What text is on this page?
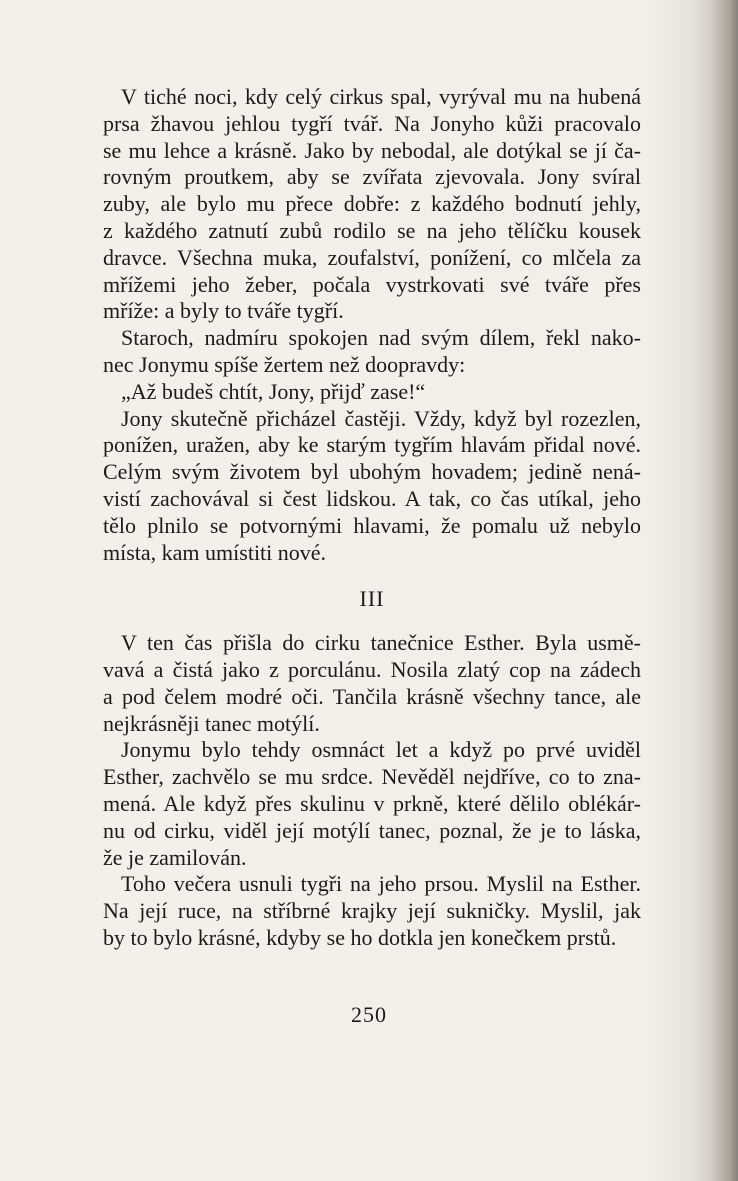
V tiché noci, kdy celý cirkus spal, vyrýval mu na hubená
prsa žhavou jehlou tygří tvář. Na Jonyho kůži pracovalo
se mu lehce a krásně. Jako by nebodal, ale dotýkal se jí ča-
rovným proutkem, aby se zvířata zjevovala. Jony svíral
zuby, ale bylo mu přece dobře: z každého bodnutí jehly,
z každého zatnutí zubů rodilo se na jeho tělíčku kousek
dravce. Všechna muka, zoufalství, ponížení, co mlčela za
mřížemi jeho žeber, počala vystrkovati své tváře přes
mříže: a byly to tváře tygří.
Staroch, nadmíru spokojen nad svým dílem, řekl nako-
nec Jonymu spíše žertem než doopravdy:
„Až budeš chtít, Jony, přijď zase!“
Jony skutečně přicházel častěji. Vždy, když byl rozezlen,
ponížen, uražen, aby ke starým tygřím hlavám přidal nové.
Celým svým životem byl ubohým hovadem; jedině nená-
vistí zachovával si čest lidskou. A tak, co čas utíkal, jeho
tělo plnilo se potvornými hlavami, že pomalu už nebylo
místa, kam umístiti nové.
III
V ten čas přišla do cirku tanečnice Esther. Byla usmě-
vavá a čistá jako z porculánu. Nosila zlatý cop na zádech
a pod čelem modré oči. Tančila krásně všechny tance, ale
nejkrásněji tanec motýlí.
Jonymu bylo tehdy osmnáct let a když po prvé uviděl
Esther, zachvělo se mu srdce. Nevěděl nejdříve, co to zna-
mená. Ale když přes skulinu v prkně, které dělilo oblékár-
nu od cirku, viděl její motýlí tanec, poznal, že je to láska,
že je zamilován.
Toho večera usnuli tygři na jeho prsou. Myslil na Esther.
Na její ruce, na stříbrné krajky její sukničky. Myslil, jak
by to bylo krásné, kdyby se ho dotkla jen konečkem prstů.
250
